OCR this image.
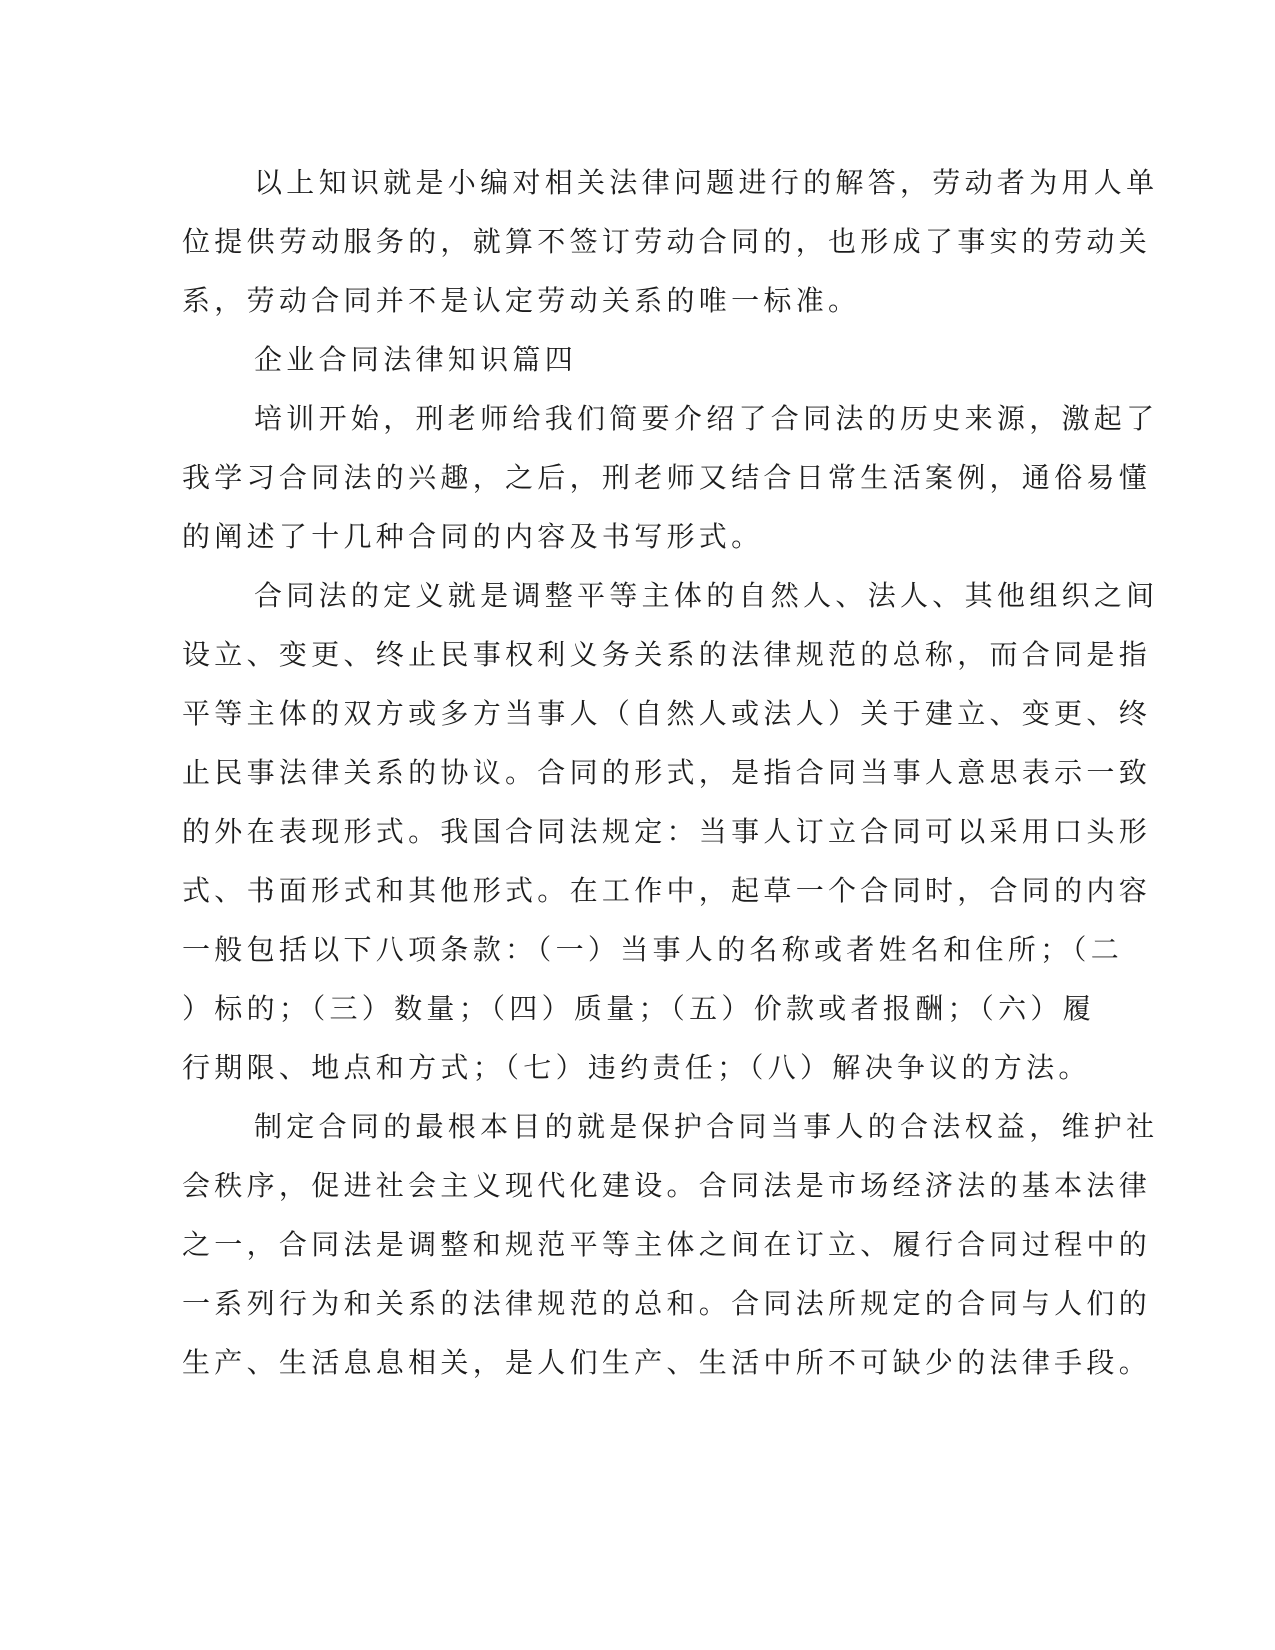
以上知识就是小编对相关法律问题进行的解答，劳动者为用人单
位提供劳动服务的，就算不签订劳动合同的，也形成了事实的劳动关
系，劳动合同并不是认定劳动关系的唯一标准。
企业合同法律知识篇四
培训开始，刑老师给我们简要介绍了合同法的历史来源，激起了
我学习合同法的兴趣，之后，刑老师又结合日常生活案例，通俗易懂
的阐述了十几种合同的内容及书写形式。
合同法的定义就是调整平等主体的自然人、法人、其他组织之间
设立、变更、终止民事权利义务关系的法律规范的总称，而合同是指
平等主体的双方或多方当事人（自然人或法人）关于建立、变更、终
止民事法律关系的协议。合同的形式，是指合同当事人意思表示一致
的外在表现形式。我国合同法规定：当事人订立合同可以采用口头形
式、书面形式和其他形式。在工作中，起草一个合同时，合同的内容
一般包括以下八项条款：（一）当事人的名称或者姓名和住所；（二
）标的；（三）数量；（四）质量；（五）价款或者报酬；（六）履
行期限、地点和方式；（七）违约责任；（八）解决争议的方法。
制定合同的最根本目的就是保护合同当事人的合法权益，维护社
会秩序，促进社会主义现代化建设。合同法是市场经济法的基本法律
之一，合同法是调整和规范平等主体之间在订立、履行合同过程中的
一系列行为和关系的法律规范的总和。合同法所规定的合同与人们的
生产、生活息息相关，是人们生产、生活中所不可缺少的法律手段。
